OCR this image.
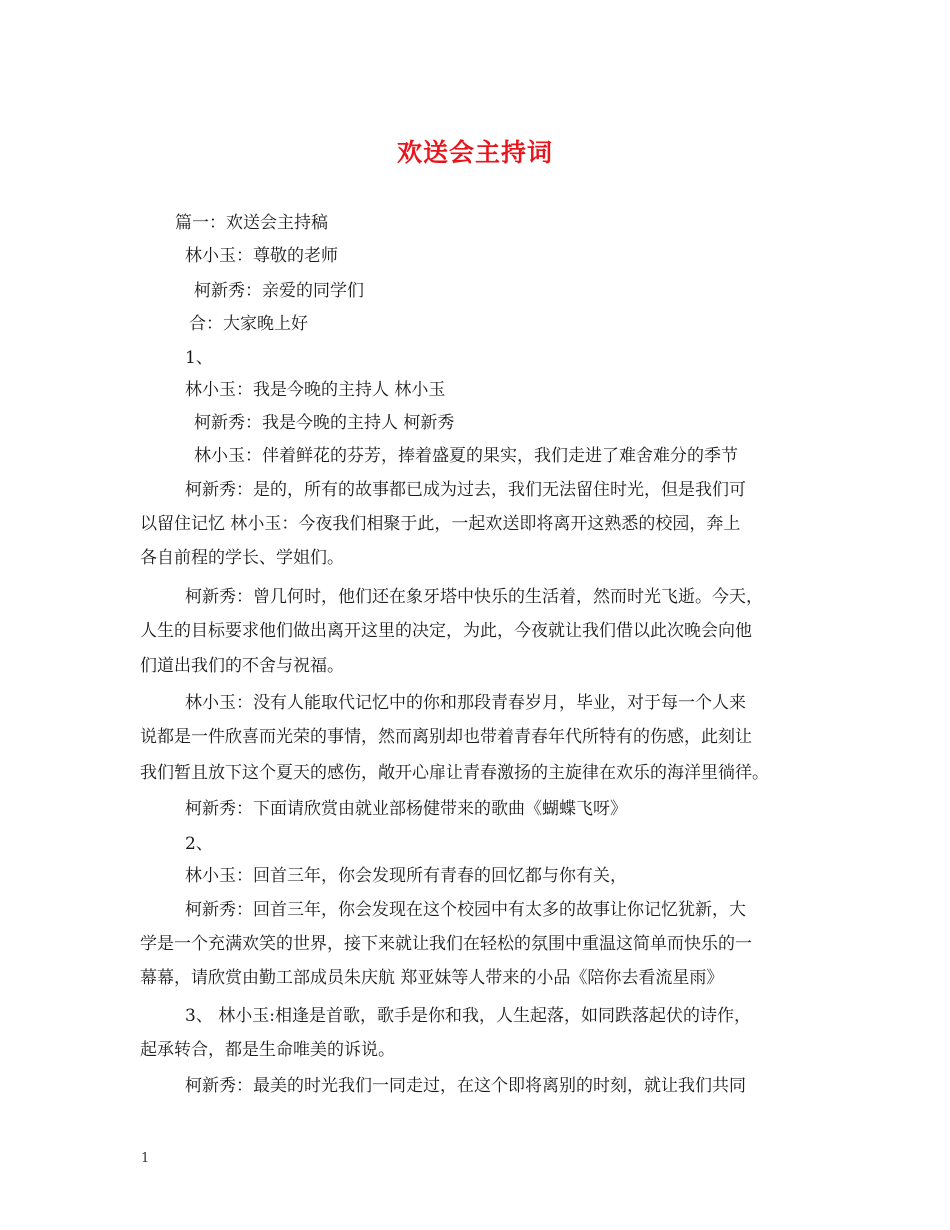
欢送会主持词
篇一：欢送会主持稿
林小玉：尊敬的老师
柯新秀：亲爱的同学们
合：大家晚上好
1、
林小玉：我是今晚的主持人 林小玉
柯新秀：我是今晚的主持人 柯新秀
林小玉：伴着鲜花的芬芳，捧着盛夏的果实，我们走进了难舍难分的季节
柯新秀：是的，所有的故事都已成为过去，我们无法留住时光，但是我们可
以留住记忆 林小玉：今夜我们相聚于此，一起欢送即将离开这熟悉的校园，奔上
各自前程的学长、学姐们。
柯新秀：曾几何时，他们还在象牙塔中快乐的生活着，然而时光飞逝。今天，
人生的目标要求他们做出离开这里的决定，为此，今夜就让我们借以此次晚会向他
们道出我们的不舍与祝福。
林小玉：没有人能取代记忆中的你和那段青春岁月，毕业，对于每一个人来
说都是一件欣喜而光荣的事情，然而离别却也带着青春年代所特有的伤感，此刻让
我们暂且放下这个夏天的感伤，敞开心扉让青春激扬的主旋律在欢乐的海洋里徜徉。
柯新秀：下面请欣赏由就业部杨健带来的歌曲《蝴蝶飞呀》
2、
林小玉：回首三年，你会发现所有青春的回忆都与你有关，
柯新秀：回首三年，你会发现在这个校园中有太多的故事让你记忆犹新，大
学是一个充满欢笑的世界，接下来就让我们在轻松的氛围中重温这简单而快乐的一
幕幕，请欣赏由勤工部成员朱庆航 郑亚妹等人带来的小品《陪你去看流星雨》
3、 林小玉:相逢是首歌，歌手是你和我，人生起落，如同跌落起伏的诗作，
起承转合，都是生命唯美的诉说。
柯新秀：最美的时光我们一同走过，在这个即将离别的时刻，就让我们共同
1
